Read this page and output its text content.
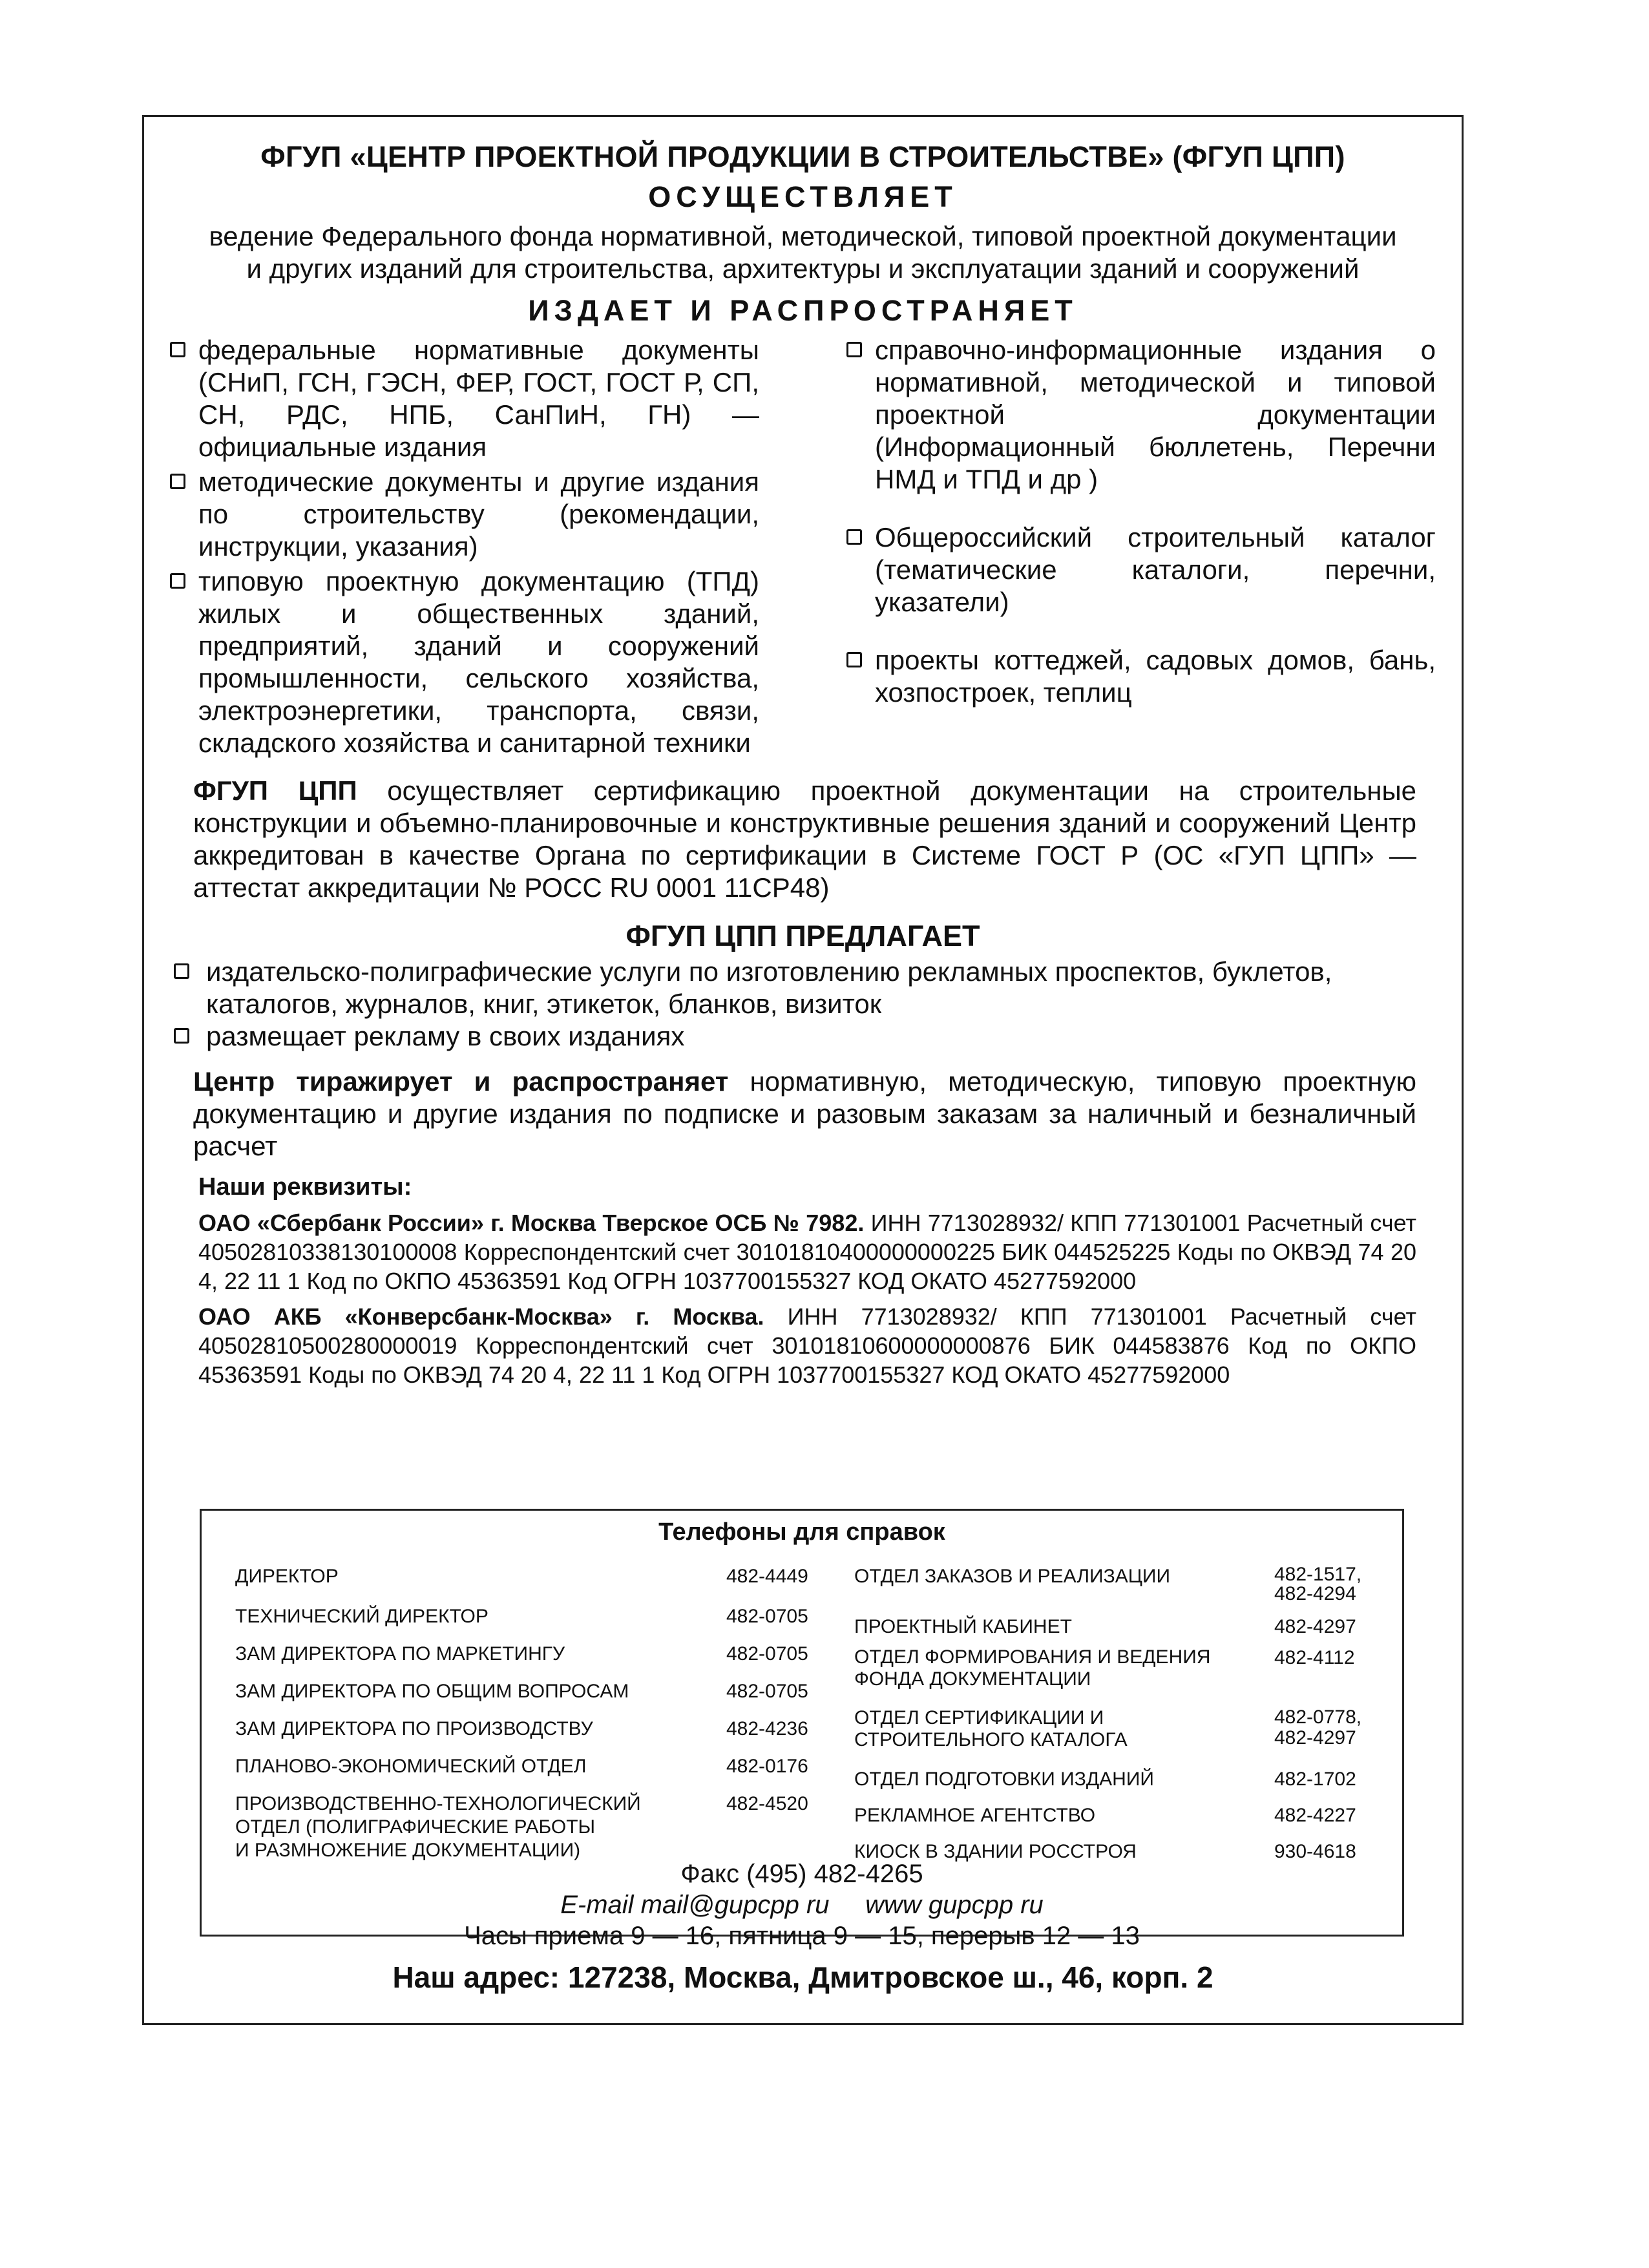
ФГУП «ЦЕНТР ПРОЕКТНОЙ ПРОДУКЦИИ В СТРОИТЕЛЬСТВЕ» (ФГУП ЦПП)
ОСУЩЕСТВЛЯЕТ
ведение Федерального фонда нормативной, методической, типовой проектной документации
и других изданий для строительства, архитектуры и эксплуатации зданий и сооружений
ИЗДАЕТ И РАСПРОСТРАНЯЕТ
федеральные нормативные документы (СНиП, ГСН, ГЭСН, ФЕР, ГОСТ, ГОСТ Р, СП, СН, РДС, НПБ, СанПиН, ГН) — официальные издания
методические документы и другие издания по строительству (рекомендации, инструкции, указания)
типовую проектную документацию (ТПД) жилых и общественных зданий, предприятий, зданий и сооружений промышленности, сельского хозяйства, электроэнергетики, транспорта, связи, складского хозяйства и санитарной техники
справочно-информационные издания о нормативной, методической и типовой проектной документации (Информационный бюллетень, Перечни НМД и ТПД и др )
Общероссийский строительный каталог (тематические каталоги, перечни, указатели)
проекты коттеджей, садовых домов, бань, хозпостроек, теплиц
ФГУП ЦПП осуществляет сертификацию проектной документации на строительные конструкции и объемно-планировочные и конструктивные решения зданий и сооружений Центр аккредитован в качестве Органа по сертификации в Системе ГОСТ Р (ОС «ГУП ЦПП» — аттестат аккредитации № РОСС RU 0001 11СР48)
ФГУП ЦПП ПРЕДЛАГАЕТ
издательско-полиграфические услуги по изготовлению рекламных проспектов, буклетов, каталогов, журналов, книг, этикеток, бланков, визиток
размещает рекламу в своих изданиях
Центр тиражирует и распространяет нормативную, методическую, типовую проектную документацию и другие издания по подписке и разовым заказам за наличный и безналичный расчет
Наши реквизиты:
ОАО «Сбербанк России» г. Москва Тверское ОСБ № 7982. ИНН 7713028932/ КПП 771301001 Расчетный счет 40502810338130100008 Корреспондентский счет 30101810400000000225 БИК 044525225 Коды по ОКВЭД 74 20 4, 22 11 1 Код по ОКПО 45363591 Код ОГРН 1037700155327 КОД ОКАТО 45277592000
ОАО АКБ «Конверсбанк-Москва» г. Москва. ИНН 7713028932/ КПП 771301001 Расчетный счет 40502810500280000019 Корреспондентский счет 30101810600000000876 БИК 044583876 Код по ОКПО 45363591 Коды по ОКВЭД 74 20 4, 22 11 1 Код ОГРН 1037700155327 КОД ОКАТО 45277592000
Телефоны для справок
ДИРЕКТОР	482-4449
ТЕХНИЧЕСКИЙ ДИРЕКТОР	482-0705
ЗАМ ДИРЕКТОРА ПО МАРКЕТИНГУ	482-0705
ЗАМ ДИРЕКТОРА ПО ОБЩИМ ВОПРОСАМ	482-0705
ЗАМ ДИРЕКТОРА ПО ПРОИЗВОДСТВУ	482-4236
ПЛАНОВО-ЭКОНОМИЧЕСКИЙ ОТДЕЛ	482-0176
ПРОИЗВОДСТВЕННО-ТЕХНОЛОГИЧЕСКИЙ
ОТДЕЛ (ПОЛИГРАФИЧЕСКИЕ РАБОТЫ
И РАЗМНОЖЕНИЕ ДОКУМЕНТАЦИИ)
482-4520
ОТДЕЛ ЗАКАЗОВ И РЕАЛИЗАЦИИ	482-1517,
482-4294
ПРОЕКТНЫЙ КАБИНЕТ	482-4297
ОТДЕЛ ФОРМИРОВАНИЯ И ВЕДЕНИЯ
ФОНДА ДОКУМЕНТАЦИИ
482-4112
ОТДЕЛ СЕРТИФИКАЦИИ И
СТРОИТЕЛЬНОГО КАТАЛОГА
482-0778,
482-4297
ОТДЕЛ ПОДГОТОВКИ ИЗДАНИЙ	482-1702
РЕКЛАМНОЕ АГЕНТСТВО	482-4227
КИОСК В ЗДАНИИ РОССТРОЯ	930-4618
Факс (495) 482-4265
E-mail mail@gupcpp ru www gupcpp ru
Часы приема 9 — 16, пятница 9 — 15, перерыв 12 — 13
Наш адрес: 127238, Москва, Дмитровское ш., 46, корп. 2
